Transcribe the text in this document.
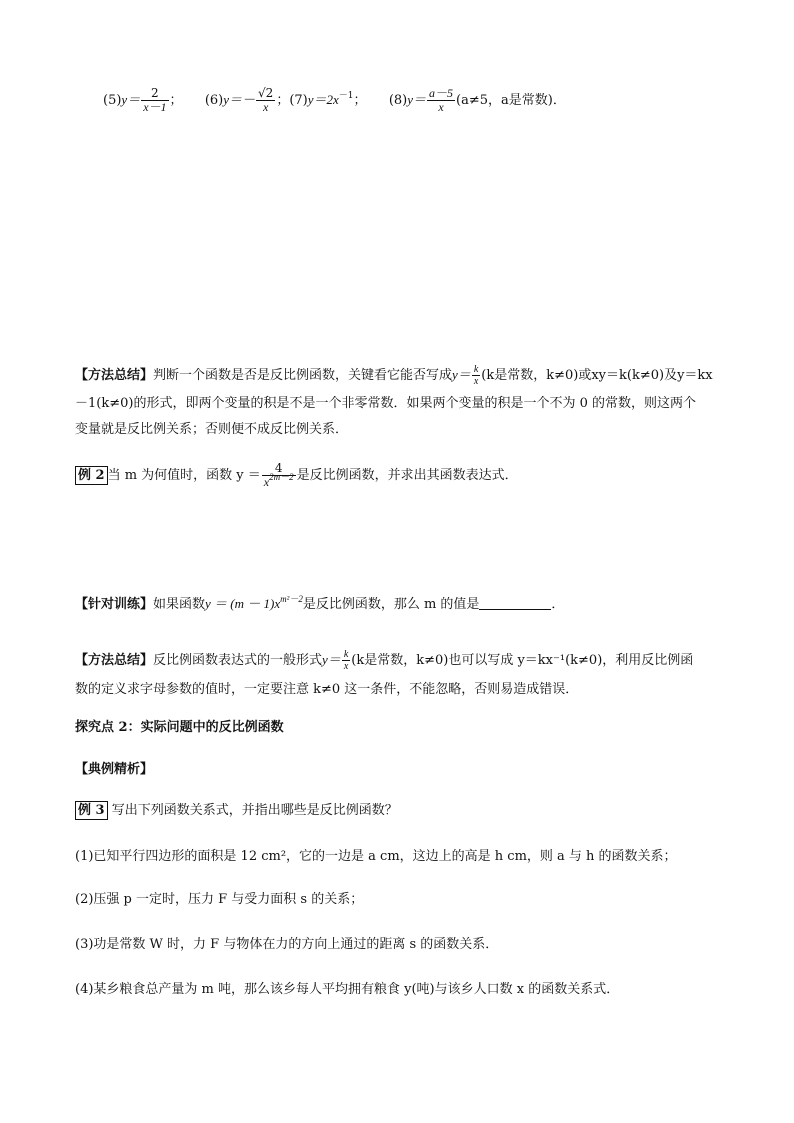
$(5)y= \frac{2}{x-1}$ ； $(6)y=- \frac{√2}{x}$ ；$(7)y=2x^{-1}$； $(8)y= \frac{a-5}{x} (a\ne 5$，a是常数)．
【方法总结】判断一个函数是否是反比例函数，关键看它能否写成$y= \frac{k}{x} (k$是常数，k≠0)或xy＝k(k≠0)及y＝kx
－1(k≠0)的形式，即两个变量的积是不是一个非零常数．如果两个变量的积是一个不为 0 的常数，则这两个
变量就是反比例关系；否则便不成反比例关系．
例 2 当 m 为何值时，函数 $y = \frac{4}{x^{2m-2}}$ 是反比例函数，并求出其函数表达式．
【针对训练】如果函数$y = (m - 1)x^{m^2-2}$是反比例函数，那么 m 的值是	．
【方法总结】反比例函数表达式的一般形式$y= \frac{k}{x} (k$是常数，k≠0)也可以写成 y＝kx⁻¹(k≠0)，利用反比例函
数的定义求字母参数的值时，一定要注意 k≠0 这一条件，不能忽略，否则易造成错误．
探究点 2：实际问题中的反比例函数
【典例精析】
例 3 写出下列函数关系式，并指出哪些是反比例函数？
(1)已知平行四边形的面积是 12 cm²，它的一边是 a cm，这边上的高是 h cm，则 a 与 h 的函数关系；
(2)压强 p 一定时，压力 F 与受力面积 s 的关系；
(3)功是常数 W 时，力 F 与物体在力的方向上通过的距离 s 的函数关系．
(4)某乡粮食总产量为 m 吨，那么该乡每人平均拥有粮食 y(吨)与该乡人口数 x 的函数关系式．
